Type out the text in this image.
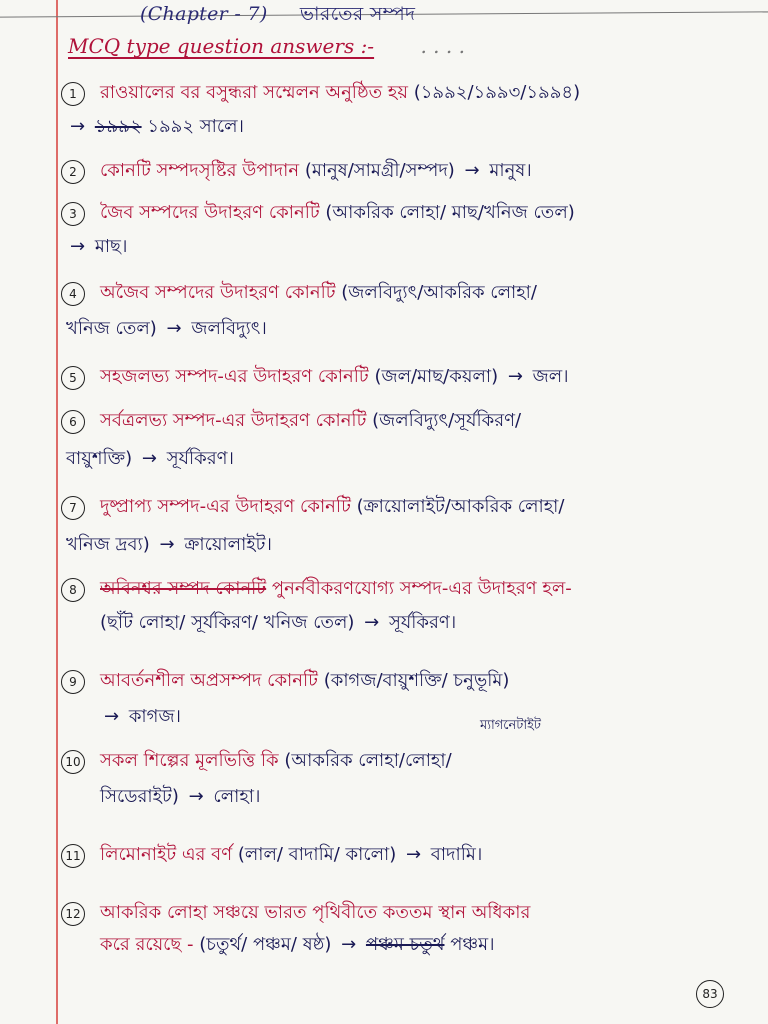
(Chapter - 7) ভারতের সম্পদ
MCQ type question answers :- . . . .
1	রাওয়ালের বর বসুন্ধরা সম্মেলন অনুষ্ঠিত হয় (১৯৯২/১৯৯৩/১৯৯৪)
→ ১৯৯২ ১৯৯২ সালে।
2	কোনটি সম্পদসৃষ্টির উপাদান (মানুষ/সামগ্রী/সম্পদ) → মানুষ।
3	জৈব সম্পদের উদাহরণ কোনটি (আকরিক লোহা/ মাছ/খনিজ তেল)
→ মাছ।
4	অজৈব সম্পদের উদাহরণ কোনটি (জলবিদ্যুৎ/আকরিক লোহা/
খনিজ তেল) → জলবিদ্যুৎ।
5	সহজলভ্য সম্পদ-এর উদাহরণ কোনটি (জল/মাছ/কয়লা) → জল।
6	সর্বত্রলভ্য সম্পদ-এর উদাহরণ কোনটি (জলবিদ্যুৎ/সূর্যকিরণ/
বায়ুশক্তি) → সূর্যকিরণ।
7	দুষ্প্রাপ্য সম্পদ-এর উদাহরণ কোনটি (ক্রায়োলাইট/আকরিক লোহা/
খনিজ দ্রব্য) → ক্রায়োলাইট।
8	অবিনশ্বর সম্পদ কোনটি পুনর্নবীকরণযোগ্য সম্পদ-এর উদাহরণ হল-
(ছাঁট লোহা/ সূর্যকিরণ/ খনিজ তেল) → সূর্যকিরণ।
9	আবর্তনশীল অপ্রসম্পদ কোনটি (কাগজ/বায়ুশক্তি/ চনুভূমি)
→ কাগজ।	ম্যাগনেটাইট
10 সকল শিল্পের মূলভিত্তি কি (আকরিক লোহা/লোহা/
সিডেরাইট) → লোহা।
11 লিমোনাইট এর বর্ণ (লাল/ বাদামি/ কালো) → বাদামি।
12 আকরিক লোহা সঞ্চয়ে ভারত পৃথিবীতে কততম স্থান অধিকার
করে রয়েছে - (চতুর্থ/ পঞ্চম/ ষষ্ঠ) → পঞ্চম চতুর্থ পঞ্চম।
83
